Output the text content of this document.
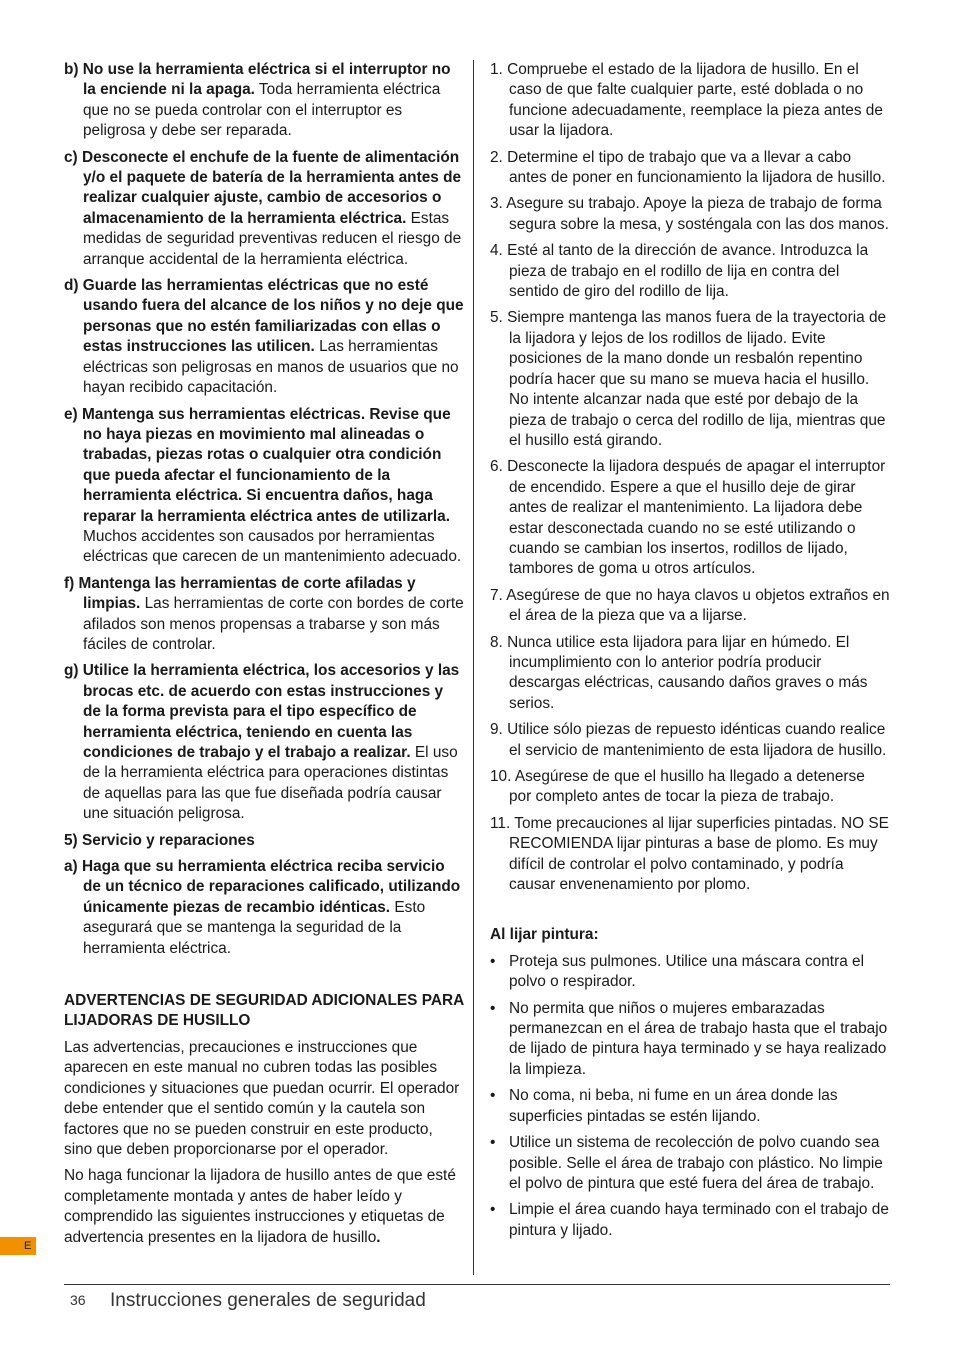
b) No use la herramienta eléctrica si el interruptor no la enciende ni la apaga. Toda herramienta eléctrica que no se pueda controlar con el interruptor es peligrosa y debe ser reparada.

c) Desconecte el enchufe de la fuente de alimentación y/o el paquete de batería de la herramienta antes de realizar cualquier ajuste, cambio de accesorios o almacenamiento de la herramienta eléctrica. Estas medidas de seguridad preventivas reducen el riesgo de arranque accidental de la herramienta eléctrica.

d) Guarde las herramientas eléctricas que no esté usando fuera del alcance de los niños y no deje que personas que no estén familiarizadas con ellas o estas instrucciones las utilicen. Las herramientas eléctricas son peligrosas en manos de usuarios que no hayan recibido capacitación.

e) Mantenga sus herramientas eléctricas. Revise que no haya piezas en movimiento mal alineadas o trabadas, piezas rotas o cualquier otra condición que pueda afectar el funcionamiento de la herramienta eléctrica. Si encuentra daños, haga reparar la herramienta eléctrica antes de utilizarla. Muchos accidentes son causados por herramientas eléctricas que carecen de un mantenimiento adecuado.

f) Mantenga las herramientas de corte afiladas y limpias. Las herramientas de corte con bordes de corte afilados son menos propensas a trabarse y son más fáciles de controlar.

g) Utilice la herramienta eléctrica, los accesorios y las brocas etc. de acuerdo con estas instrucciones y de la forma prevista para el tipo específico de herramienta eléctrica, teniendo en cuenta las condiciones de trabajo y el trabajo a realizar. El uso de la herramienta eléctrica para operaciones distintas de aquellas para las que fue diseñada podría causar une situación peligrosa.

5) Servicio y reparaciones

a) Haga que su herramienta eléctrica reciba servicio de un técnico de reparaciones calificado, utilizando únicamente piezas de recambio idénticas. Esto asegurará que se mantenga la seguridad de la herramienta eléctrica.

ADVERTENCIAS DE SEGURIDAD ADICIONALES PARA LIJADORAS DE HUSILLO

Las advertencias, precauciones e instrucciones que aparecen en este manual no cubren todas las posibles condiciones y situaciones que puedan ocurrir. El operador debe entender que el sentido común y la cautela son factores que no se pueden construir en este producto, sino que deben proporcionarse por el operador.

No haga funcionar la lijadora de husillo antes de que esté completamente montada y antes de haber leído y comprendido las siguientes instrucciones y etiquetas de advertencia presentes en la lijadora de husillo.

1. Compruebe el estado de la lijadora de husillo. En el caso de que falte cualquier parte, esté doblada o no funcione adecuadamente, reemplace la pieza antes de usar la lijadora.

2. Determine el tipo de trabajo que va a llevar a cabo antes de poner en funcionamiento la lijadora de husillo.

3. Asegure su trabajo. Apoye la pieza de trabajo de forma segura sobre la mesa, y sosténgala con las dos manos.

4. Esté al tanto de la dirección de avance. Introduzca la pieza de trabajo en el rodillo de lija en contra del sentido de giro del rodillo de lija.

5. Siempre mantenga las manos fuera de la trayectoria de la lijadora y lejos de los rodillos de lijado. Evite posiciones de la mano donde un resbalón repentino podría hacer que su mano se mueva hacia el husillo. No intente alcanzar nada que esté por debajo de la pieza de trabajo o cerca del rodillo de lija, mientras que el husillo está girando.

6. Desconecte la lijadora después de apagar el interruptor de encendido. Espere a que el husillo deje de girar antes de realizar el mantenimiento. La lijadora debe estar desconectada cuando no se esté utilizando o cuando se cambian los insertos, rodillos de lijado, tambores de goma u otros artículos.

7. Asegúrese de que no haya clavos u objetos extraños en el área de la pieza que va a lijarse.

8. Nunca utilice esta lijadora para lijar en húmedo. El incumplimiento con lo anterior podría producir descargas eléctricas, causando daños graves o más serios.

9. Utilice sólo piezas de repuesto idénticas cuando realice el servicio de mantenimiento de esta lijadora de husillo.

10. Asegúrese de que el husillo ha llegado a detenerse por completo antes de tocar la pieza de trabajo.

11. Tome precauciones al lijar superficies pintadas. NO SE RECOMIENDA lijar pinturas a base de plomo. Es muy difícil de controlar el polvo contaminado, y podría causar envenenamiento por plomo.

Al lijar pintura:

• Proteja sus pulmones. Utilice una máscara contra el polvo o respirador.
• No permita que niños o mujeres embarazadas permanezcan en el área de trabajo hasta que el trabajo de lijado de pintura haya terminado y se haya realizado la limpieza.
• No coma, ni beba, ni fume en un área donde las superficies pintadas se estén lijando.
• Utilice un sistema de recolección de polvo cuando sea posible. Selle el área de trabajo con plástico. No limpie el polvo de pintura que esté fuera del área de trabajo.
• Limpie el área cuando haya terminado con el trabajo de pintura y lijado.
E
36 Instrucciones generales de seguridad
